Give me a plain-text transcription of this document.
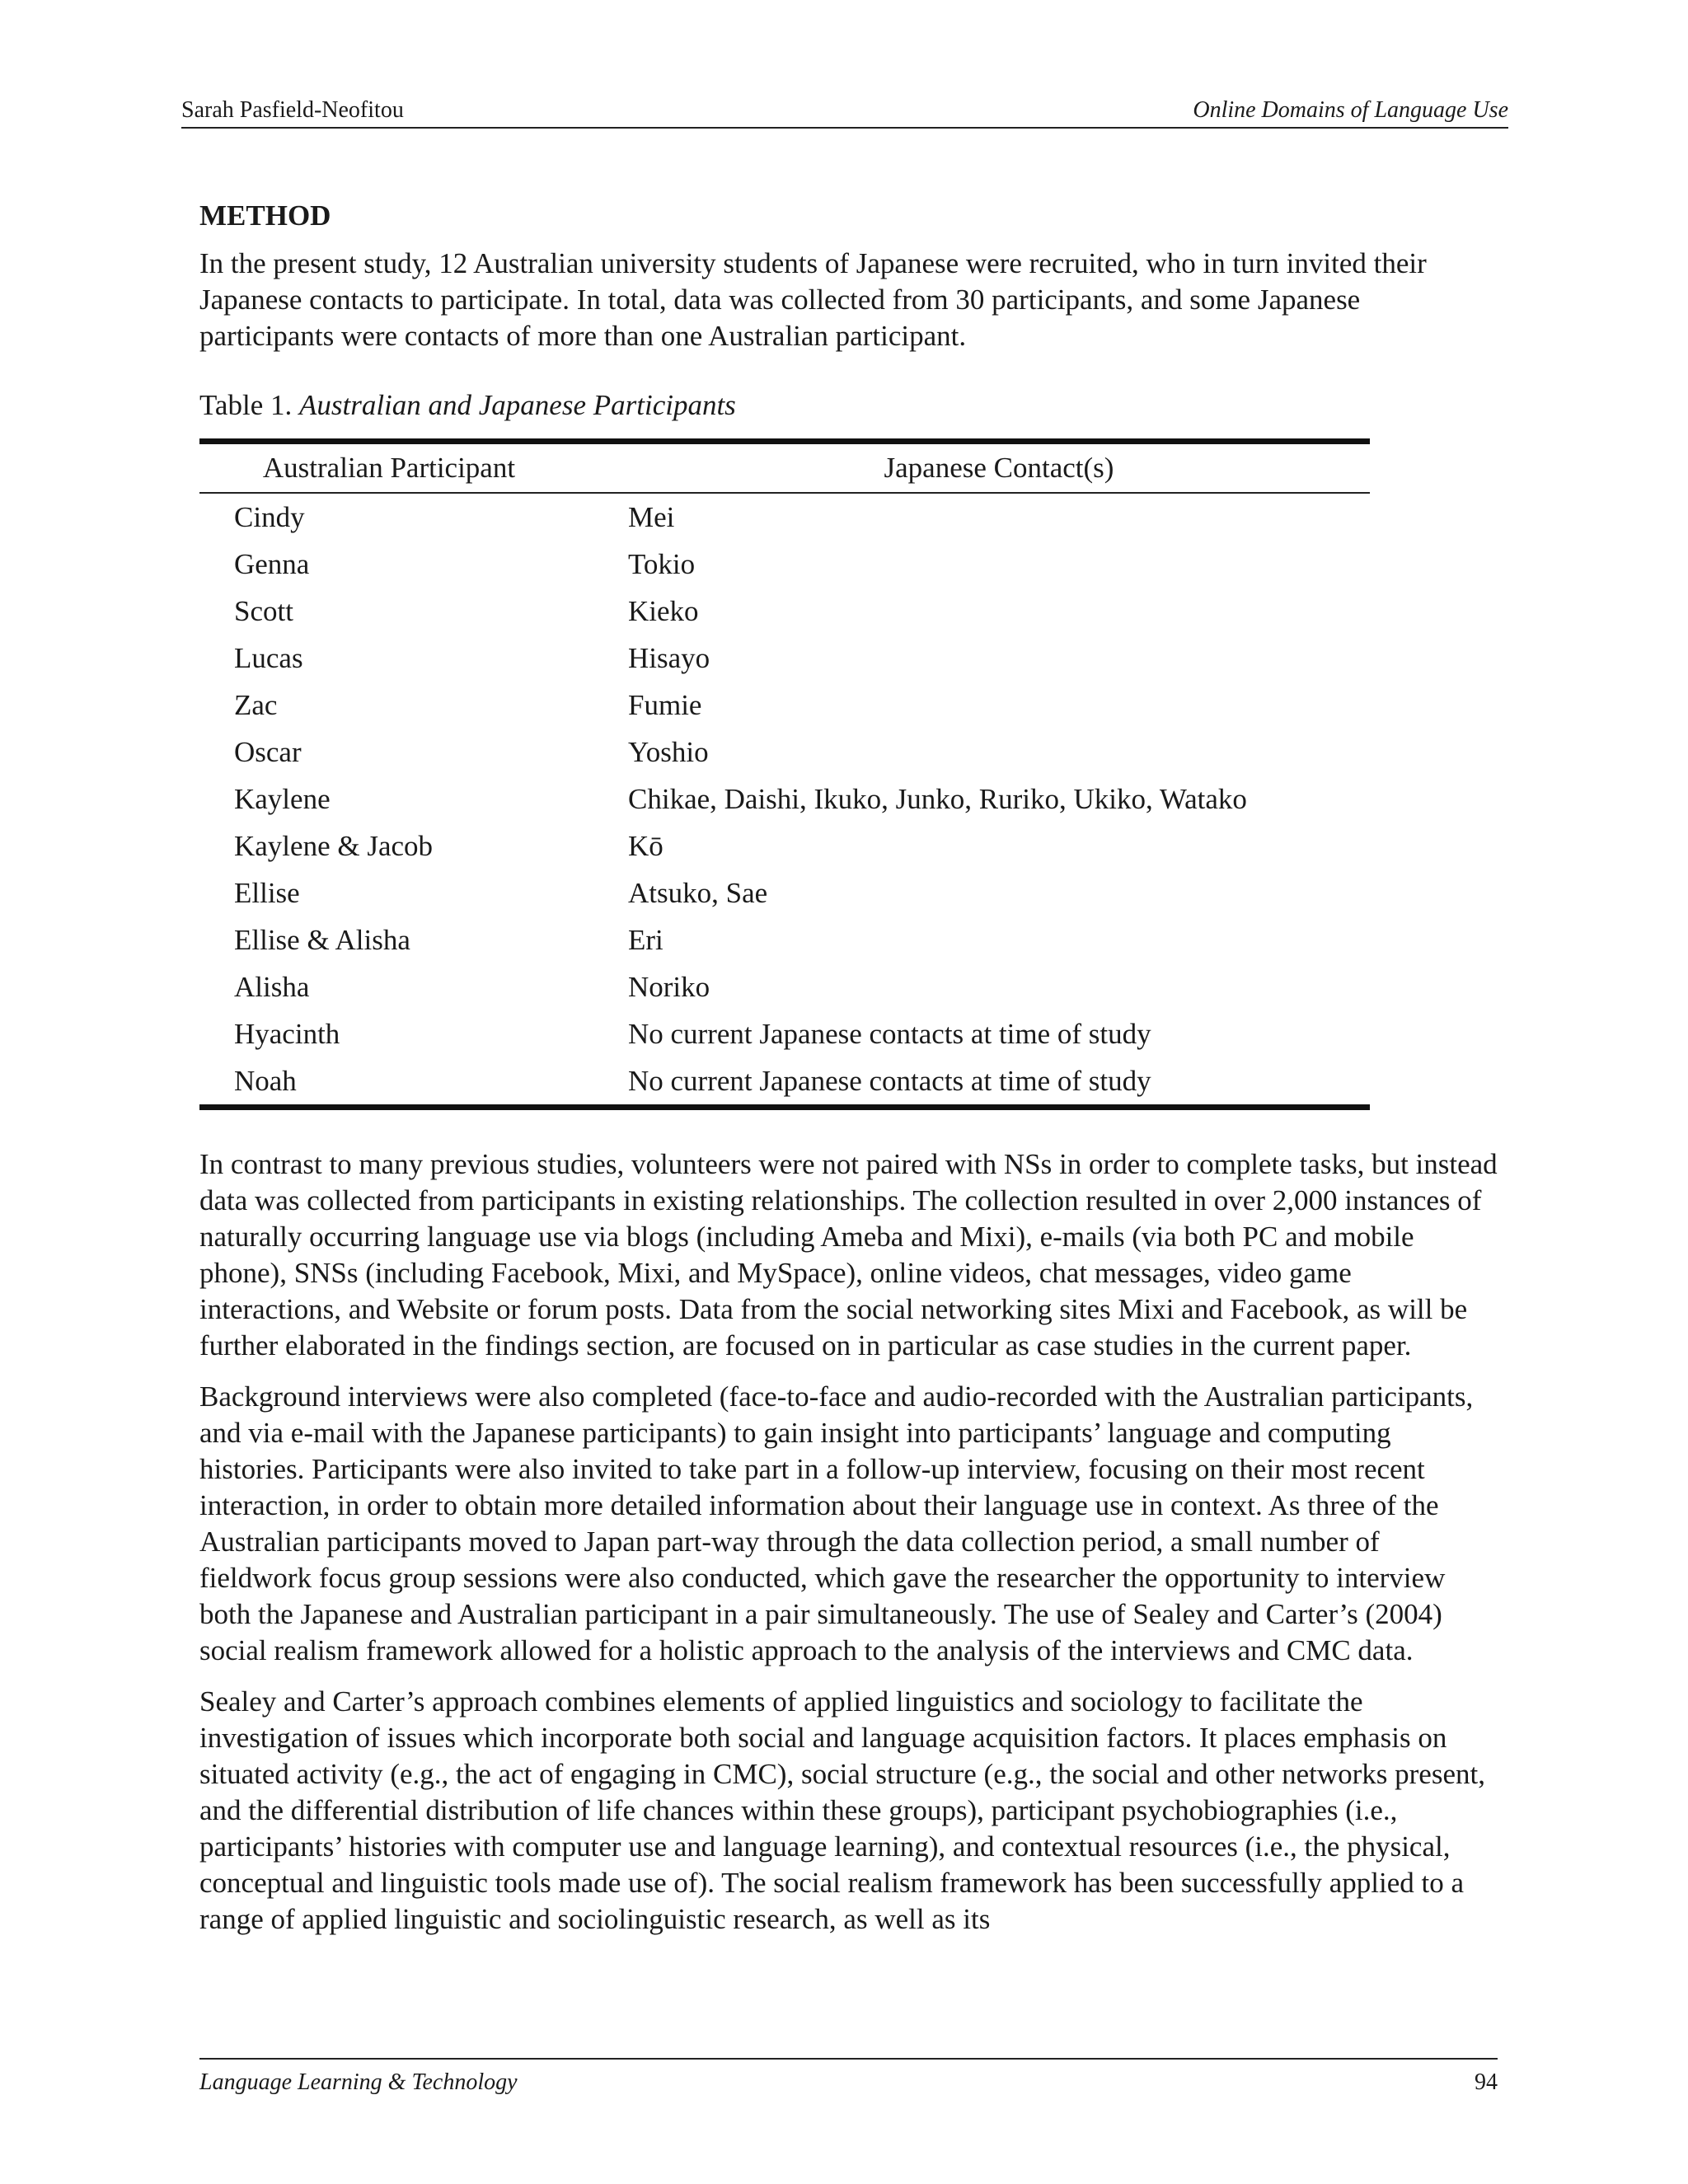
Sarah Pasfield-Neofitou	Online Domains of Language Use
METHOD

In the present study, 12 Australian university students of Japanese were recruited, who in turn invited their Japanese contacts to participate. In total, data was collected from 30 participants, and some Japanese participants were contacts of more than one Australian participant.

Table 1. Australian and Japanese Participants
Australian Participant	Japanese Contact(s)
Cindy	Mei
Genna	Tokio
Scott	Kieko
Lucas	Hisayo
Zac	Fumie
Oscar	Yoshio
Kaylene	Chikae, Daishi, Ikuko, Junko, Ruriko, Ukiko, Watako
Kaylene & Jacob	Kō
Ellise	Atsuko, Sae
Ellise & Alisha	Eri
Alisha	Noriko
Hyacinth	No current Japanese contacts at time of study
Noah	No current Japanese contacts at time of study

In contrast to many previous studies, volunteers were not paired with NSs in order to complete tasks, but instead data was collected from participants in existing relationships. The collection resulted in over 2,000 instances of naturally occurring language use via blogs (including Ameba and Mixi), e-mails (via both PC and mobile phone), SNSs (including Facebook, Mixi, and MySpace), online videos, chat messages, video game interactions, and Website or forum posts. Data from the social networking sites Mixi and Facebook, as will be further elaborated in the findings section, are focused on in particular as case studies in the current paper.

Background interviews were also completed (face-to-face and audio-recorded with the Australian participants, and via e-mail with the Japanese participants) to gain insight into participants’ language and computing histories. Participants were also invited to take part in a follow-up interview, focusing on their most recent interaction, in order to obtain more detailed information about their language use in context. As three of the Australian participants moved to Japan part-way through the data collection period, a small number of fieldwork focus group sessions were also conducted, which gave the researcher the opportunity to interview both the Japanese and Australian participant in a pair simultaneously. The use of Sealey and Carter’s (2004) social realism framework allowed for a holistic approach to the analysis of the interviews and CMC data.

Sealey and Carter’s approach combines elements of applied linguistics and sociology to facilitate the investigation of issues which incorporate both social and language acquisition factors. It places emphasis on situated activity (e.g., the act of engaging in CMC), social structure (e.g., the social and other networks present, and the differential distribution of life chances within these groups), participant psychobiographies (i.e., participants’ histories with computer use and language learning), and contextual resources (i.e., the physical, conceptual and linguistic tools made use of). The social realism framework has been successfully applied to a range of applied linguistic and sociolinguistic research, as well as its

Language Learning & Technology	94
